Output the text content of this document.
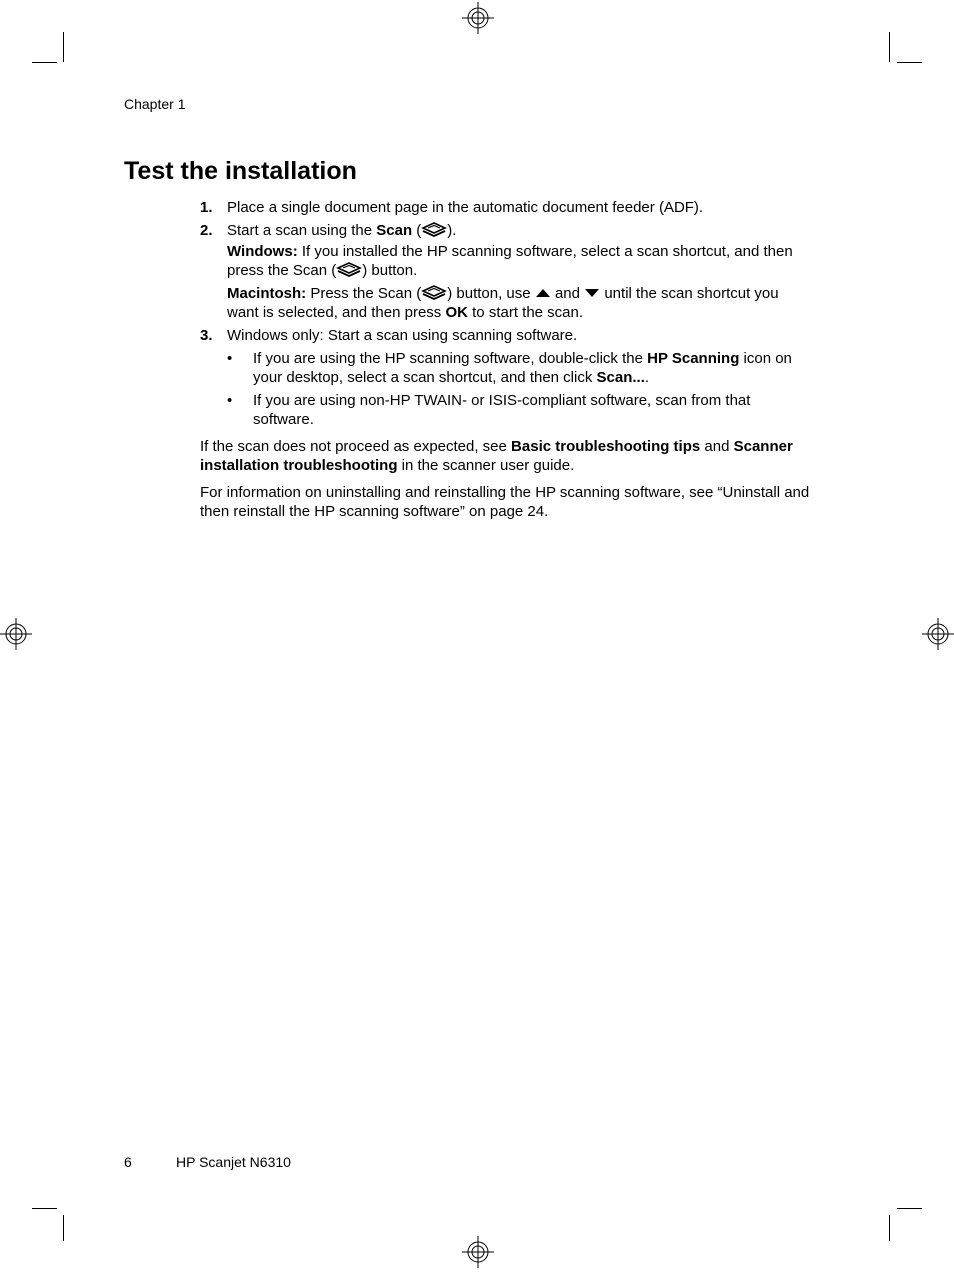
Chapter 1
Test the installation
1. Place a single document page in the automatic document feeder (ADF).
2. Start a scan using the Scan ( ).

Windows: If you installed the HP scanning software, select a scan shortcut, and then press the Scan ( ) button.

Macintosh: Press the Scan ( ) button, use  and  until the scan shortcut you want is selected, and then press OK to start the scan.

3. Windows only: Start a scan using scanning software.
• If you are using the HP scanning software, double-click the HP Scanning icon on your desktop, select a scan shortcut, and then click Scan....
• If you are using non-HP TWAIN- or ISIS-compliant software, scan from that software.

If the scan does not proceed as expected, see Basic troubleshooting tips and Scanner installation troubleshooting in the scanner user guide.

For information on uninstalling and reinstalling the HP scanning software, see “Uninstall and then reinstall the HP scanning software” on page 24.

6	HP Scanjet N6310
